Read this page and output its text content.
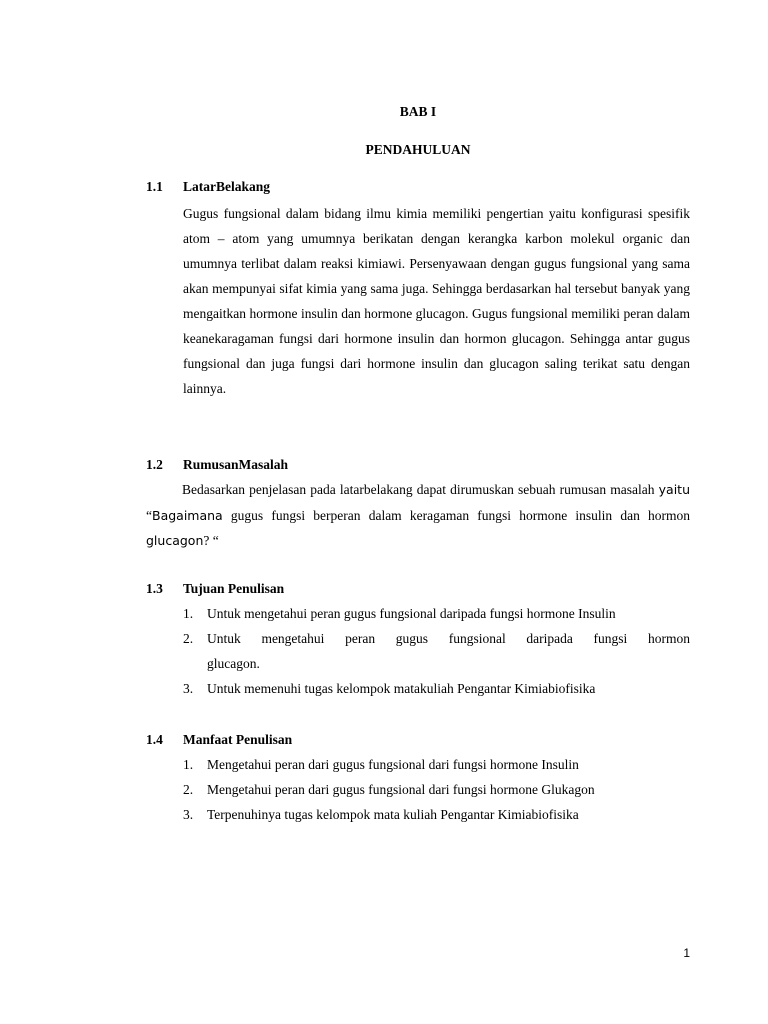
BAB I
PENDAHULUAN
1.1 LatarBelakang

Gugus fungsional dalam bidang ilmu kimia memiliki pengertian yaitu konfigurasi spesifik atom – atom yang umumnya berikatan dengan kerangka karbon molekul organic dan umumnya terlibat dalam reaksi kimiawi. Persenyawaan dengan gugus fungsional yang sama akan mempunyai sifat kimia yang sama juga. Sehingga berdasarkan hal tersebut banyak yang mengaitkan hormone insulin dan hormone glucagon. Gugus fungsional memiliki peran dalam keanekaragaman fungsi dari hormone insulin dan hormon glucagon. Sehingga antar gugus fungsional dan juga fungsi dari hormone insulin dan glucagon saling terikat satu dengan lainnya.

1.2 RumusanMasalah

Bedasarkan penjelasan pada latarbelakang dapat dirumuskan sebuah rumusan masalah yaitu “Bagaimana gugus fungsi berperan dalam keragaman fungsi hormone insulin dan hormon glucagon? “

1.3 Tujuan Penulisan
1. Untuk mengetahui peran gugus fungsional daripada fungsi hormone Insulin
2. Untuk mengetahui peran gugus fungsional daripada fungsi hormon
glucagon.
3. Untuk memenuhi tugas kelompok matakuliah Pengantar Kimiabiofisika
1.4 Manfaat Penulisan
1. Mengetahui peran dari gugus fungsional dari fungsi hormone Insulin
2. Mengetahui peran dari gugus fungsional dari fungsi hormone Glukagon
3. Terpenuhinya tugas kelompok mata kuliah Pengantar Kimiabiofisika
1
